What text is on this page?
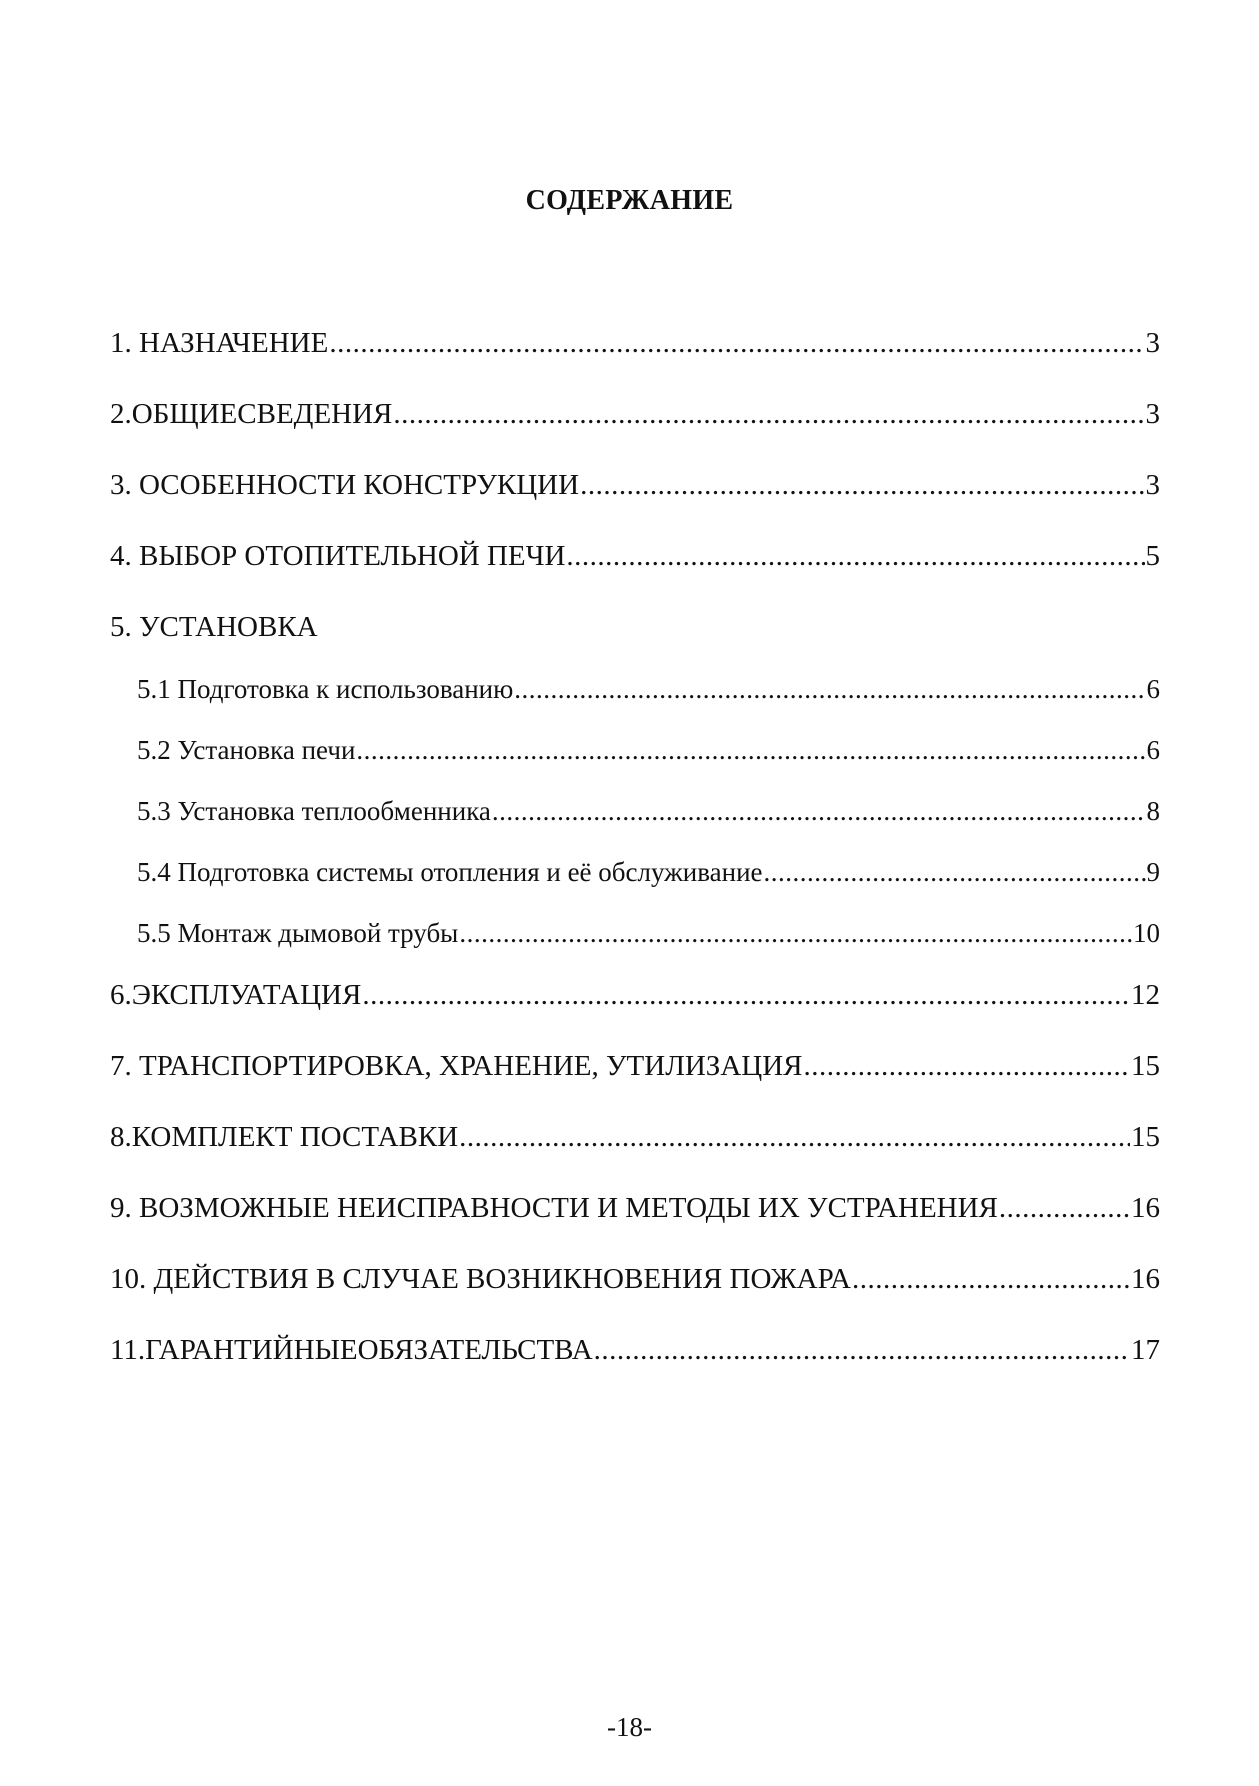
СОДЕРЖАНИЕ
1. НАЗНАЧЕНИЕ .....	3
2.ОБЩИЕСВЕДЕНИЯ .....	3
3. ОСОБЕННОСТИ КОНСТРУКЦИИ .....	3
4. ВЫБОР ОТОПИТЕЛЬНОЙ ПЕЧИ .....	5
5. УСТАНОВКА
5.1 Подготовка к использованию .....	6
5.2 Установка печи .....	6
5.3 Установка теплообменника .....	8
5.4 Подготовка системы отопления и её обслуживание .....	9
5.5 Монтаж дымовой трубы .....	10
6.ЭКСПЛУАТАЦИЯ .....	12
7. ТРАНСПОРТИРОВКА, ХРАНЕНИЕ, УТИЛИЗАЦИЯ .....	15
8.КОМПЛЕКТ ПОСТАВКИ .....	15
9. ВОЗМОЖНЫЕ НЕИСПРАВНОСТИ И МЕТОДЫ ИХ УСТРАНЕНИЯ .....	16
10. ДЕЙСТВИЯ В СЛУЧАЕ ВОЗНИКНОВЕНИЯ ПОЖАРА .....	16
11.ГАРАНТИЙНЫЕОБЯЗАТЕЛЬСТВА .....	17
-18-
